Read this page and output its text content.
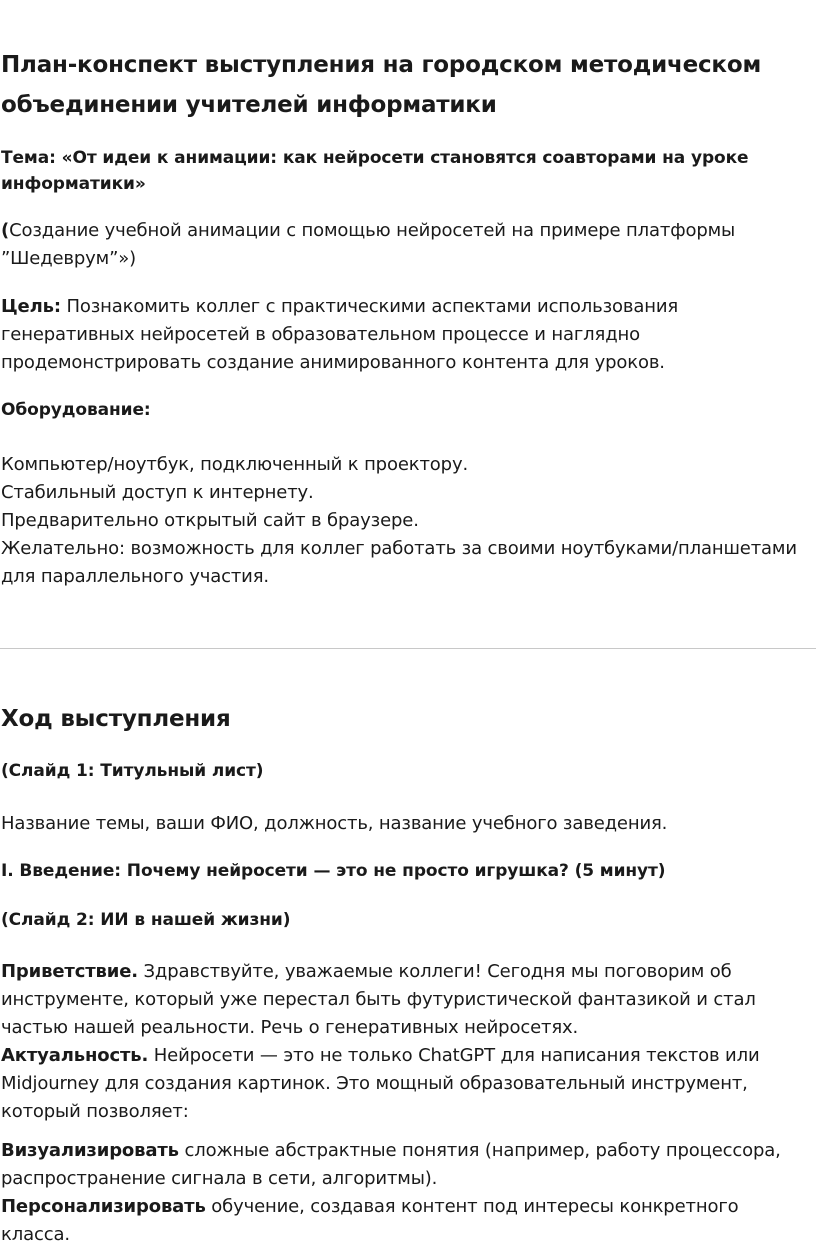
План-конспект выступления на городском методическом объединении учителей информатики

Тема: «От идеи к анимации: как нейросети становятся соавторами на уроке информатики»

(Создание учебной анимации с помощью нейросетей на примере платформы ”Шедеврум”»)

Цель: Познакомить коллег с практическими аспектами использования генеративных нейросетей в образовательном процессе и наглядно продемонстрировать создание анимированного контента для уроков.

Оборудование:

Компьютер/ноутбук, подключенный к проектору.
Стабильный доступ к интернету.
Предварительно открытый сайт в браузере.
Желательно: возможность для коллег работать за своими ноутбуками/планшетами для параллельного участия.
Ход выступления

(Слайд 1: Титульный лист)

Название темы, ваши ФИО, должность, название учебного заведения.

I. Введение: Почему нейросети — это не просто игрушка? (5 минут)

(Слайд 2: ИИ в нашей жизни)

Приветствие. Здравствуйте, уважаемые коллеги! Сегодня мы поговорим об инструменте, который уже перестал быть футуристической фантазикой и стал частью нашей реальности. Речь о генеративных нейросетях.
Актуальность. Нейросети — это не только ChatGPT для написания текстов или Midjourney для создания картинок. Это мощный образовательный инструмент, который позволяет:
Визуализировать сложные абстрактные понятия (например, работу процессора, распространение сигнала в сети, алгоритмы).
Персонализировать обучение, создавая контент под интересы конкретного класса.
